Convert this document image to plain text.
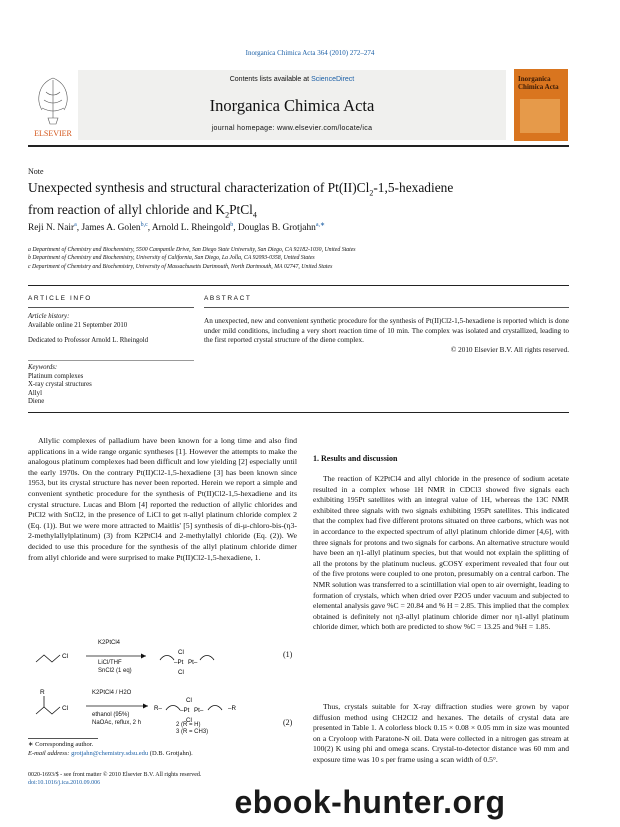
Inorganica Chimica Acta 364 (2010) 272–274
ELSEVIER
Contents lists available at ScienceDirect
Inorganica Chimica Acta
journal homepage: www.elsevier.com/locate/ica
Inorganica Chimica Acta
Note
Unexpected synthesis and structural characterization of $Pt(II)Cl_2-1,5$-hexadiene
from reaction of allyl chloride and $K_2PtCl_4$
Reji N. Nair$^a$, James A. Golen$^{b,c}$, Arnold L. Rheingold$^b$, Douglas B. Grotjahn$^{a,∗}$
a Department of Chemistry and Biochemistry, 5500 Campanile Drive, San Diego State University, San Diego, CA 92182-1030, United States
b Department of Chemistry and Biochemistry, University of California, San Diego, La Jolla, CA 92093-0358, United States
c Department of Chemistry and Biochemistry, University of Massachusetts Dartmouth, North Dartmouth, MA 02747, United States
ARTICLE INFO	ABSTRACT
Article history:
Available online 21 September 2010
Dedicated to Professor Arnold L. Rheingold
Keywords:
Platinum complexes
X-ray crystal structures
Allyl
Diene
An unexpected, new and convenient synthetic procedure for the synthesis of Pt(II)Cl2-1,5-hexadiene is reported which is done under mild conditions, including a very short reaction time of 10 min. The complex was isolated and crystallized, leading to the first reported crystal structure of the diene complex.
© 2010 Elsevier B.V. All rights reserved.
Allylic complexes of palladium have been known for a long time and also find applications in a wide range organic syntheses [1]. However the attempts to make the analogous platinum complexes had been difficult and low yielding [2] especially until the early 1970s. On the contrary Pt(II)Cl2-1,5-hexadiene [3] has been known since 1953, but its crystal structure has never been reported. Herein we report a simple and convenient synthetic procedure for the synthesis of Pt(II)Cl2-1,5-hexadiene and its crystal structure. Lucas and Blom [4] reported the reduction of allylic chlorides and PtCl2 with SnCl2, in the presence of LiCl to get π-allyl platinum chloride complex 2 (Eq. (1)). But we were more attracted to Maitlis' [5] synthesis of di-μ-chloro-bis-(η3-2-methylallylplatinum) (3) from K2PtCl4 and 2-methylallyl chloride (Eq. (2)). We decided to use this procedure for the synthesis of the allyl platinum chloride dimer from allyl chloride and were surprised to make Pt(II)Cl2-1,5-hexadiene, 1.
Cl
Cl
Cl
–Pt Pt–
K2PtCl4
LiCl/THF
SnCl2 (1 eq)
(1)
R
Cl	R–
Cl
Cl
–Pt Pt–	–R
K2PtCl4 / H2O
ethanol (95%)
NaOAc, reflux, 2 h	2 (R = H)
3 (R = CH3)
(2)
∗ Corresponding author.
E-mail address: grotjahn@chemistry.sdsu.edu (D.B. Grotjahn).
0020-1693/$ - see front matter © 2010 Elsevier B.V. All rights reserved.
doi:10.1016/j.ica.2010.09.006
1. Results and discussion
The reaction of K2PtCl4 and allyl chloride in the presence of sodium acetate resulted in a complex whose 1H NMR in CDCl3 showed five signals each exhibiting 195Pt satellites with an integral value of 1H, whereas the 13C NMR exhibited three signals with two signals exhibiting 195Pt satellites. This indicated that the complex had five different protons situated on three carbons, which was not in accordance to the expected spectrum of allyl platinum chloride dimer [4,6], with three signals for protons and two signals for carbons. An alternative structure would have been an η1-allyl platinum species, but that would not explain the splitting of all the protons by the platinum nucleus. gCOSY experiment revealed that four out of the five protons were coupled to one proton, presumably on a central carbon. The NMR solution was transferred to a scintillation vial open to air overnight, leading to formation of crystals, which when dried over P2O5 under vacuum and subjected to elemental analysis gave %C = 20.84 and % H = 2.85. This implied that the complex obtained is definitely not η3-allyl platinum chloride dimer nor η1-allyl platinum chloride dimer, which both are predicted to show %C = 13.25 and %H = 1.85.
Thus, crystals suitable for X-ray diffraction studies were grown by vapor diffusion method using CH2Cl2 and hexanes. The details of crystal data are presented in Table 1. A colorless block 0.15 × 0.08 × 0.05 mm in size was mounted on a Cryoloop with Paratone-N oil. Data were collected in a nitrogen gas stream at 100(2) K using phi and omega scans. Crystal-to-detector distance was 60 mm and exposure time was 10 s per frame using a scan width of 0.5°.
ebook-hunter.org
